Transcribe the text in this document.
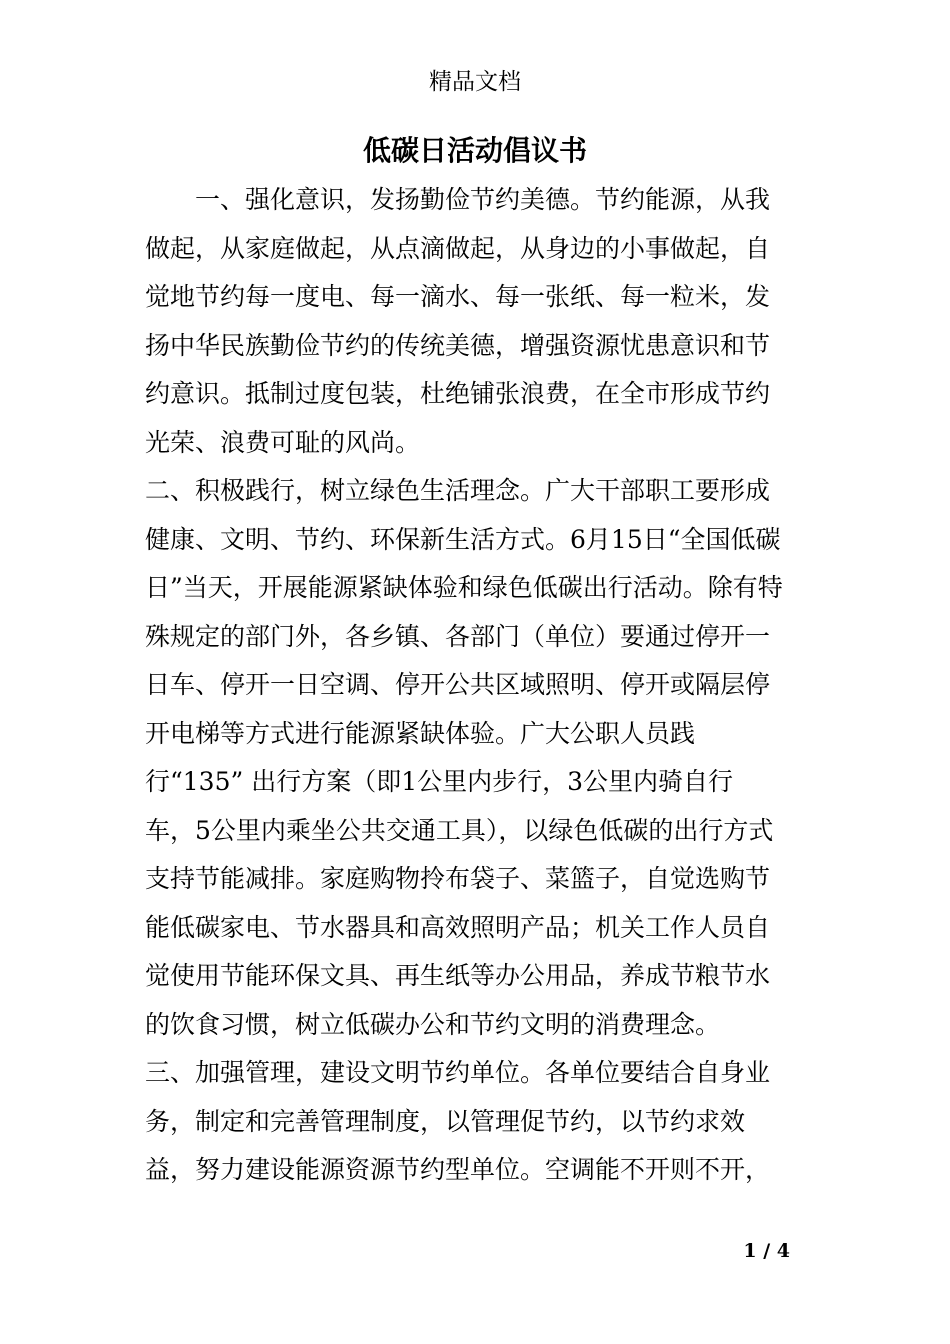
精品文档
低碳日活动倡议书
一、强化意识，发扬勤俭节约美德。节约能源，从我
做起，从家庭做起，从点滴做起，从身边的小事做起，自
觉地节约每一度电、每一滴水、每一张纸、每一粒米，发
扬中华民族勤俭节约的传统美德，增强资源忧患意识和节
约意识。抵制过度包装，杜绝铺张浪费，在全市形成节约
光荣、浪费可耻的风尚。
二、积极践行，树立绿色生活理念。广大干部职工要形成
健康、文明、节约、环保新生活方式。6月15日“全国低碳
日”当天，开展能源紧缺体验和绿色低碳出行活动。除有特
殊规定的部门外，各乡镇、各部门（单位）要通过停开一
日车、停开一日空调、停开公共区域照明、停开或隔层停
开电梯等方式进行能源紧缺体验。广大公职人员践
行“135” 出行方案（即1公里内步行，3公里内骑自行
车，5公里内乘坐公共交通工具），以绿色低碳的出行方式
支持节能减排。家庭购物拎布袋子、菜篮子，自觉选购节
能低碳家电、节水器具和高效照明产品；机关工作人员自
觉使用节能环保文具、再生纸等办公用品，养成节粮节水
的饮食习惯，树立低碳办公和节约文明的消费理念。
三、加强管理，建设文明节约单位。各单位要结合自身业
务，制定和完善管理制度，以管理促节约，以节约求效
益，努力建设能源资源节约型单位。空调能不开则不开，
1 / 4
